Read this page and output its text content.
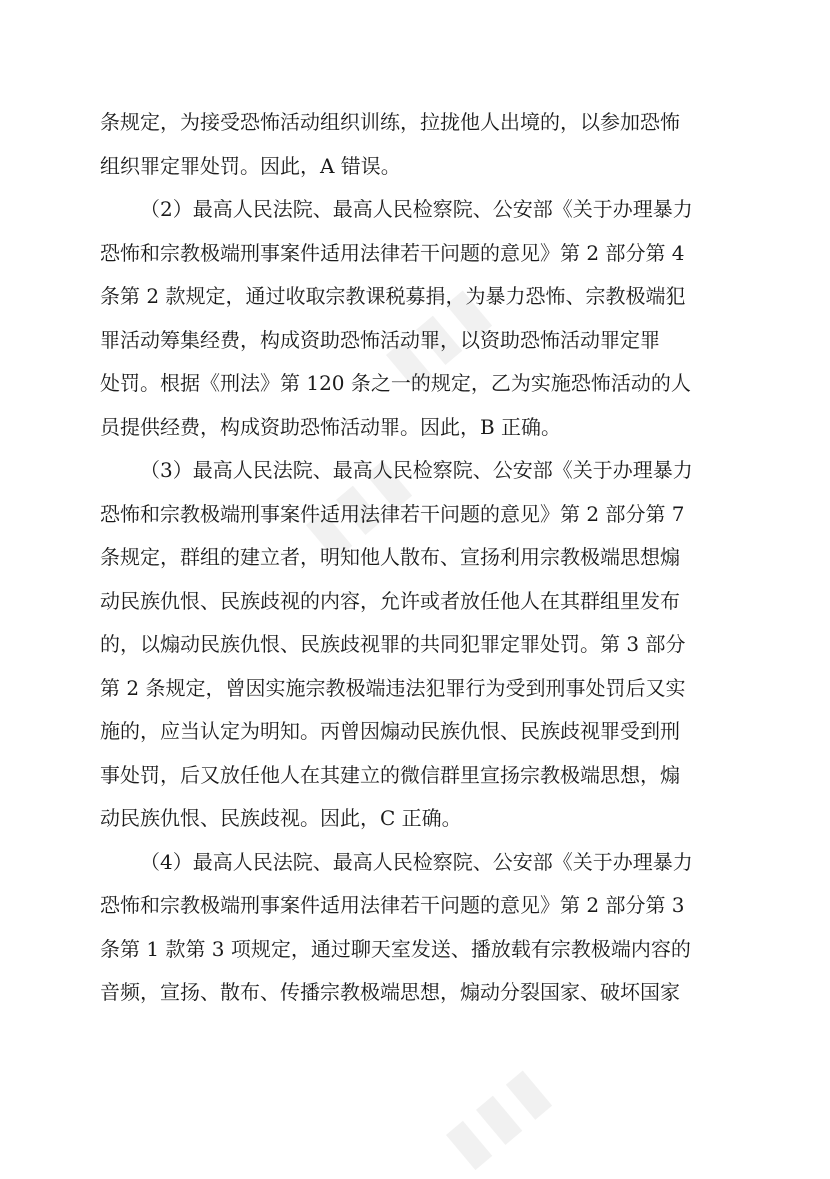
条规定，为接受恐怖活动组织训练，拉拢他人出境的，以参加恐怖
组织罪定罪处罚。因此，A 错误。

（2）最高人民法院、最高人民检察院、公安部《关于办理暴力
恐怖和宗教极端刑事案件适用法律若干问题的意见》第 2 部分第 4
条第 2 款规定，通过收取宗教课税募捐，为暴力恐怖、宗教极端犯
罪活动筹集经费，构成资助恐怖活动罪，以资助恐怖活动罪定罪
处罚。根据《刑法》第 120 条之一的规定，乙为实施恐怖活动的人
员提供经费，构成资助恐怖活动罪。因此，B 正确。

（3）最高人民法院、最高人民检察院、公安部《关于办理暴力
恐怖和宗教极端刑事案件适用法律若干问题的意见》第 2 部分第 7
条规定，群组的建立者，明知他人散布、宣扬利用宗教极端思想煽
动民族仇恨、民族歧视的内容，允许或者放任他人在其群组里发布
的，以煽动民族仇恨、民族歧视罪的共同犯罪定罪处罚。第 3 部分
第 2 条规定，曾因实施宗教极端违法犯罪行为受到刑事处罚后又实
施的，应当认定为明知。丙曾因煽动民族仇恨、民族歧视罪受到刑
事处罚，后又放任他人在其建立的微信群里宣扬宗教极端思想，煽
动民族仇恨、民族歧视。因此，C 正确。

（4）最高人民法院、最高人民检察院、公安部《关于办理暴力
恐怖和宗教极端刑事案件适用法律若干问题的意见》第 2 部分第 3
条第 1 款第 3 项规定，通过聊天室发送、播放载有宗教极端内容的
音频，宣扬、散布、传播宗教极端思想，煽动分裂国家、破坏国家

▮▮▮
▮▮▮
▮▮▮
